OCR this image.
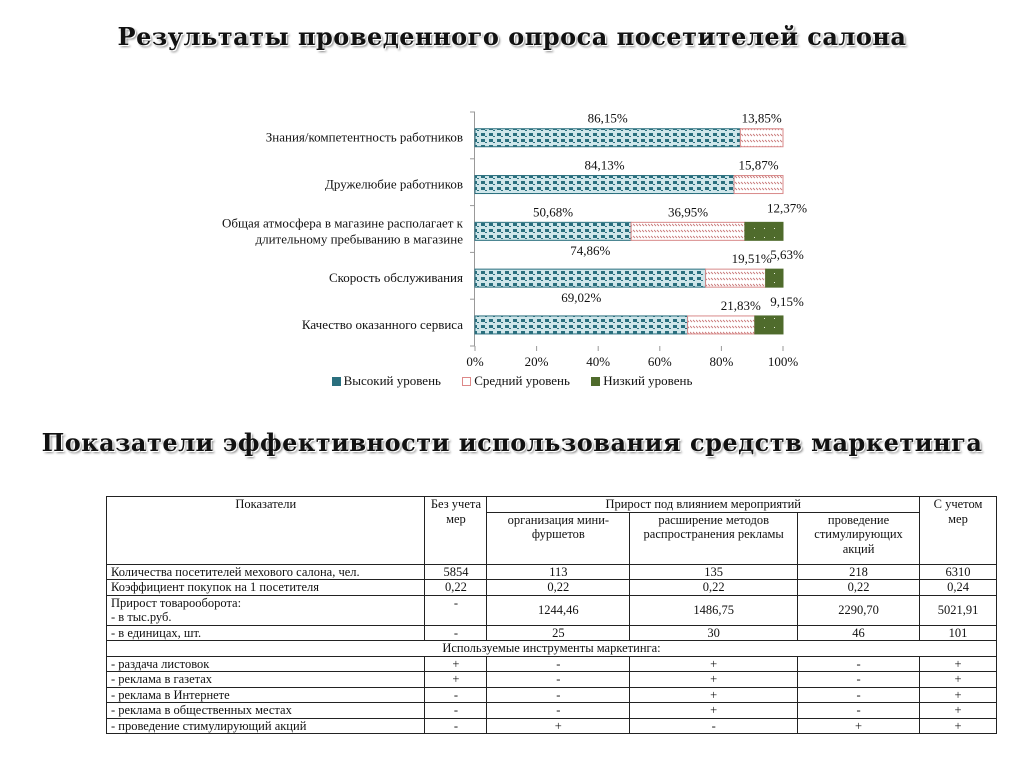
Результаты проведенного опроса посетителей салона
0%	20%	40%	60%	80%	100%
Знания/компетентность работников
86,15%	13,85%
Дружелюбие работников
84,13%	15,87%
Общая атмосфера в магазине располагает к
длительному пребыванию в магазине
50,68%	36,95%	12,37%
Скорость обслуживания
74,86%
19,51%
5,63%
Качество оказанного сервиса
69,02%
21,83% 9,15%
Высокий уровень
	Средний уровень
	Низкий уровень
Показатели эффективности использования средств маркетинга
Показатели	Без учета мер	Прирост под влиянием мероприятий			С учетом мер
		организация мини-фуршетов	расширение методов распространения рекламы	проведение стимулирующих акций	
Количества посетителей мехового салона, чел.	5854	113	135	218	6310
Коэффициент покупок на 1 посетителя	0,22	0,22	0,22	0,22	0,24

Прирост товарооборота:
- в тыс.руб.	-	1244,46	1486,75	2290,70	5021,91
- в единицах, шт.	-	25	30	46	101
Используемые инструменты маркетинга:					
- раздача листовок	+	-	+	-	+
- реклама в газетах	+	-	+	-	+
- реклама в Интернете	-	-	+	-	+
- реклама в общественных местах	-	-	+	-	+
- проведение стимулирующий акций	-	+	-	+	+
